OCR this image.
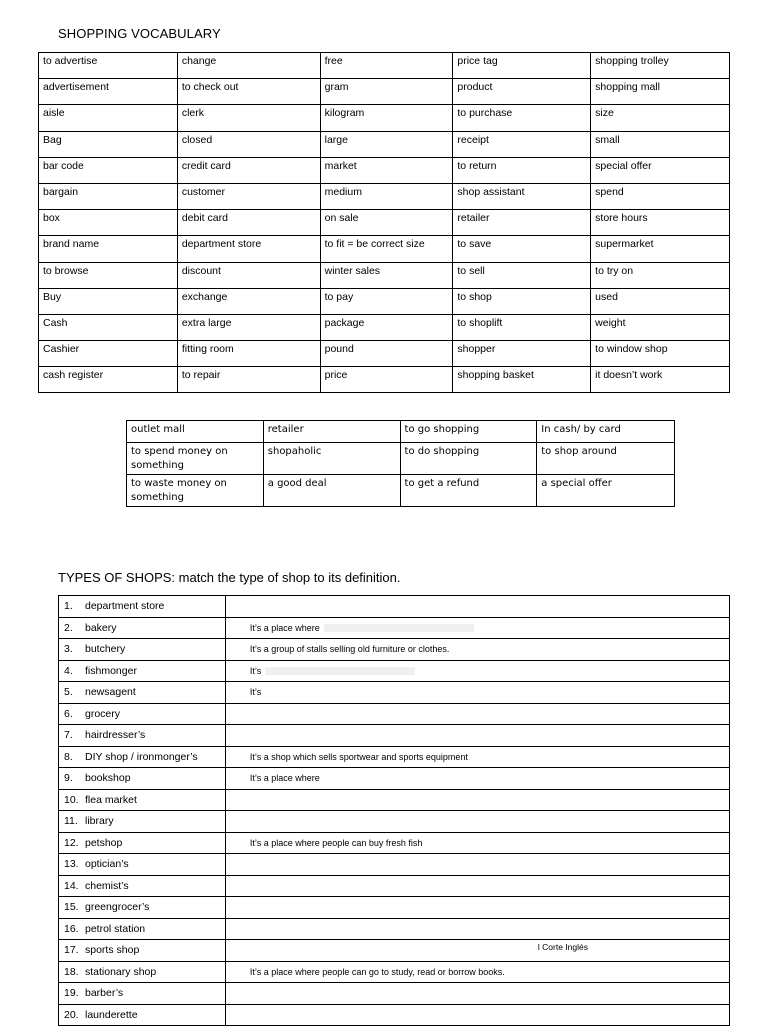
SHOPPING VOCABULARY
to advertise	change	free	price tag	shopping trolley
advertisement	to check out	gram	product	shopping mall
aisle	clerk	kilogram	to purchase	size
Bag	closed	large	receipt	small
bar code	credit card	market	to return	special offer
bargain	customer	medium	shop assistant	spend
box	debit card	on sale	retailer	store hours
brand name	department store	to fit = be correct size	to save	supermarket
to browse	discount	winter sales	to sell	to try on
Buy	exchange	to pay	to shop	used
Cash	extra large	package	to shoplift	weight
Cashier	fitting room	pound	shopper	to window shop
cash register	to repair	price	shopping basket	it doesn’t work
outlet mall	retailer	to go shopping	In cash/ by card
to spend money on something	shopaholic	to do shopping	to shop around
to waste money on something	a good deal	to get a refund	a special offer
TYPES OF SHOPS: match the type of shop to its definition.
1. department store	
2. bakery	It’s a place where
3. butchery	It’s a group of stalls selling old furniture or clothes.
4. fishmonger	It’s
5. newsagent	It’s
6. grocery	
7. hairdresser’s	
8. DIY shop / ironmonger’s	It’s a shop which sells sportwear and sports equipment
9. bookshop	It’s a place where
10. flea market	
11. library	
12. petshop	It’s a place where people can buy fresh fish
13. optician’s	
14. chemist’s	
15. greengrocer’s	
16. petrol station	
17. sports shop	l Corte Inglés

18. stationary shop	It’s a place where people can go to study, read or borrow books.
19. barber’s	
20. launderette	
